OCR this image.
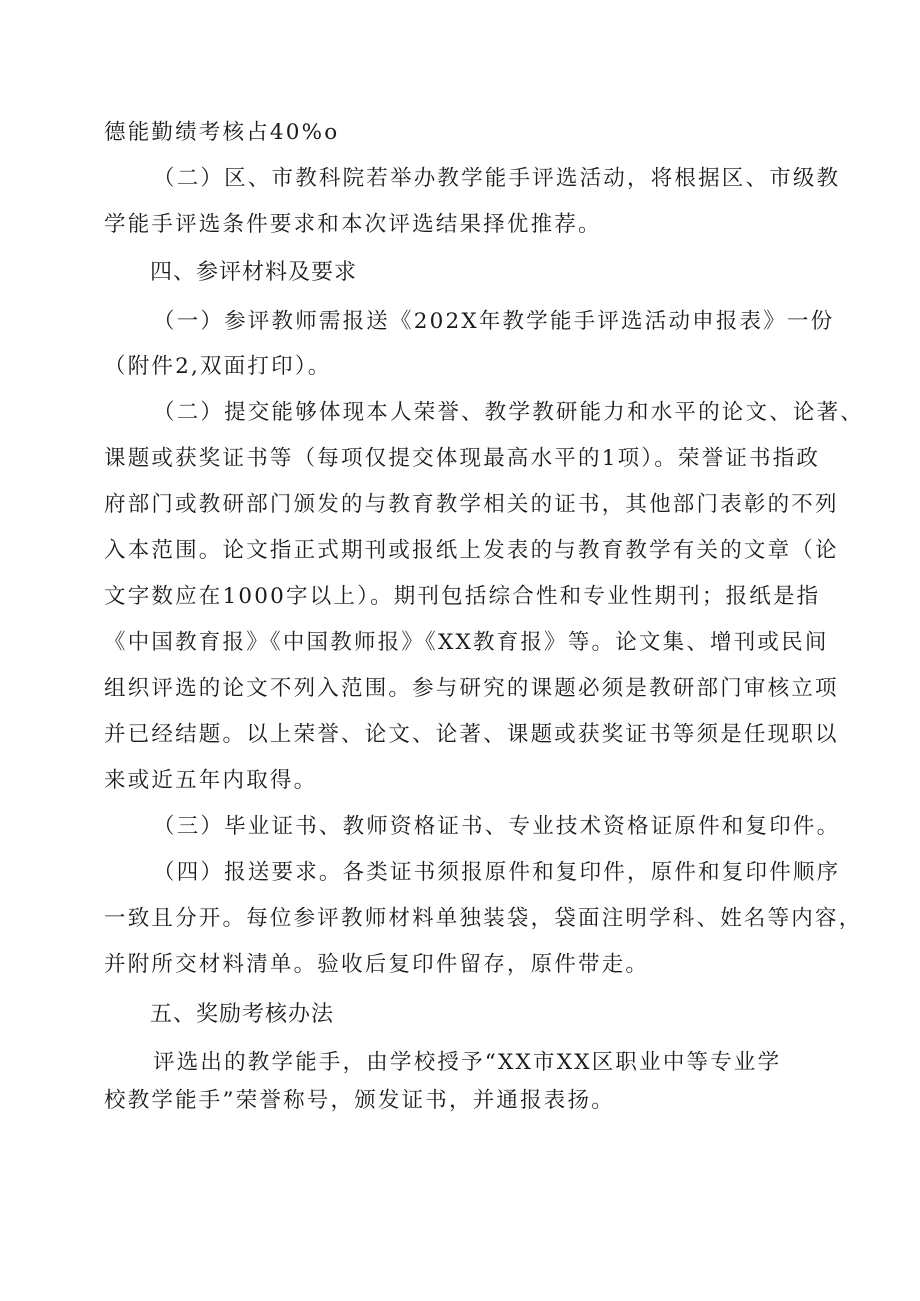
德能勤绩考核占40%o
（二）区、市教科院若举办教学能手评选活动，将根据区、市级教
学能手评选条件要求和本次评选结果择优推荐。
四、参评材料及要求
（一）参评教师需报送《202X年教学能手评选活动申报表》一份
（附件2,双面打印）。
（二）提交能够体现本人荣誉、教学教研能力和水平的论文、论著、
课题或获奖证书等（每项仅提交体现最高水平的1项）。荣誉证书指政
府部门或教研部门颁发的与教育教学相关的证书，其他部门表彰的不列
入本范围。论文指正式期刊或报纸上发表的与教育教学有关的文章（论
文字数应在1000字以上）。期刊包括综合性和专业性期刊；报纸是指
《中国教育报》《中国教师报》《XX教育报》等。论文集、增刊或民间
组织评选的论文不列入范围。参与研究的课题必须是教研部门审核立项
并已经结题。以上荣誉、论文、论著、课题或获奖证书等须是任现职以
来或近五年内取得。
（三）毕业证书、教师资格证书、专业技术资格证原件和复印件。
（四）报送要求。各类证书须报原件和复印件，原件和复印件顺序
一致且分开。每位参评教师材料单独装袋，袋面注明学科、姓名等内容，
并附所交材料清单。验收后复印件留存，原件带走。
五、奖励考核办法
评选出的教学能手，由学校授予“XX市XX区职业中等专业学
校教学能手”荣誉称号，颁发证书，并通报表扬。
